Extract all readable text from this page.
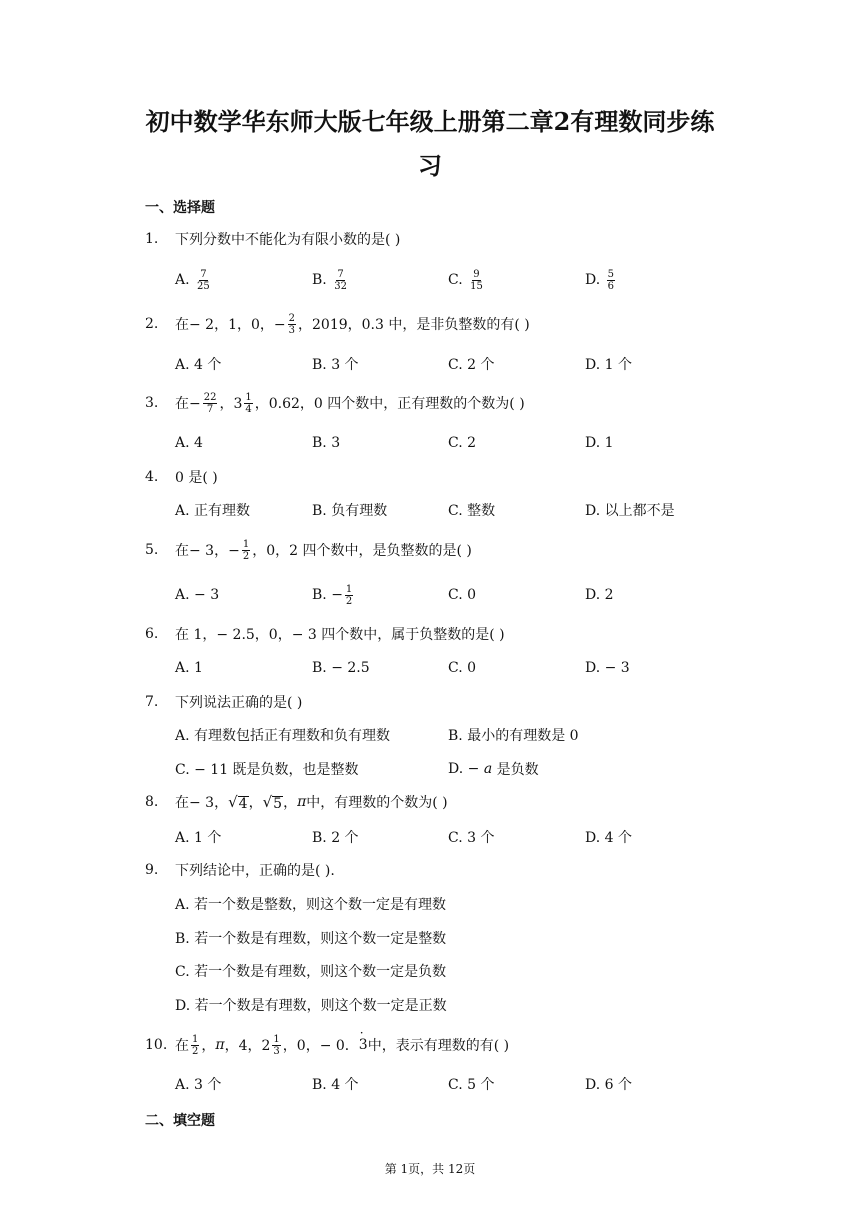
初中数学华东师大版七年级上册第二章2有理数同步练
习
一、选择题
1.	下列分数中不能化为有限小数的是( )
A.
$\frac{7}{25}$	B.
$\frac{7}{32}$	C.
$\frac{9}{15}$	D.
$\frac{5}{6}$
2.	在− 2，1，0，− $\frac{2}{3}$ ，2019，0.3 中，是非负整数的有( )
A. 4 个	B. 3 个	C. 2 个	D. 1 个
3.	在− $\frac{22}{7}$ ，$3 \frac{1}{4}$ ，0.62，0 四个数中，正有理数的个数为( )
A. 4	B. 3	C. 2	D. 1
4.	0 是( )
A. 正有理数	B. 负有理数	C. 整数	D. 以上都不是
5.	在− 3，− $\frac{1}{2}$ ，0，2 四个数中，是负整数的是( )
A. − 3	B. − $\frac{1}{2}$	C. 0	D. 2
6.	在 1，− 2.5，0，− 3 四个数中，属于负整数的是( )
A. 1	B. − 2.5	C. 0	D. − 3
7.	下列说法正确的是( )
A. 有理数包括正有理数和负有理数	B. 最小的有理数是 0
C. − 11 既是负数，也是整数	D. −
a
是负数
8.	在− 3， √ 4 ， √ 5 ， π 中，有理数的个数为( )
A. 1 个	B. 2 个	C. 3 个	D. 4 个
9.	下列结论中，正确的是( ).
A. 若一个数是整数，则这个数一定是有理数
B. 若一个数是有理数，则这个数一定是整数
C. 若一个数是有理数，则这个数一定是负数
D. 若一个数是有理数，则这个数一定是正数
10. 在 $\frac{1}{2}$ ， π ，4，$2 \frac{1}{3}$ ，0，− 0．
· 3 中，表示有理数的有( )
A. 3 个	B. 4 个	C. 5 个	D. 6 个
二、填空题
第 1页，共 12页
